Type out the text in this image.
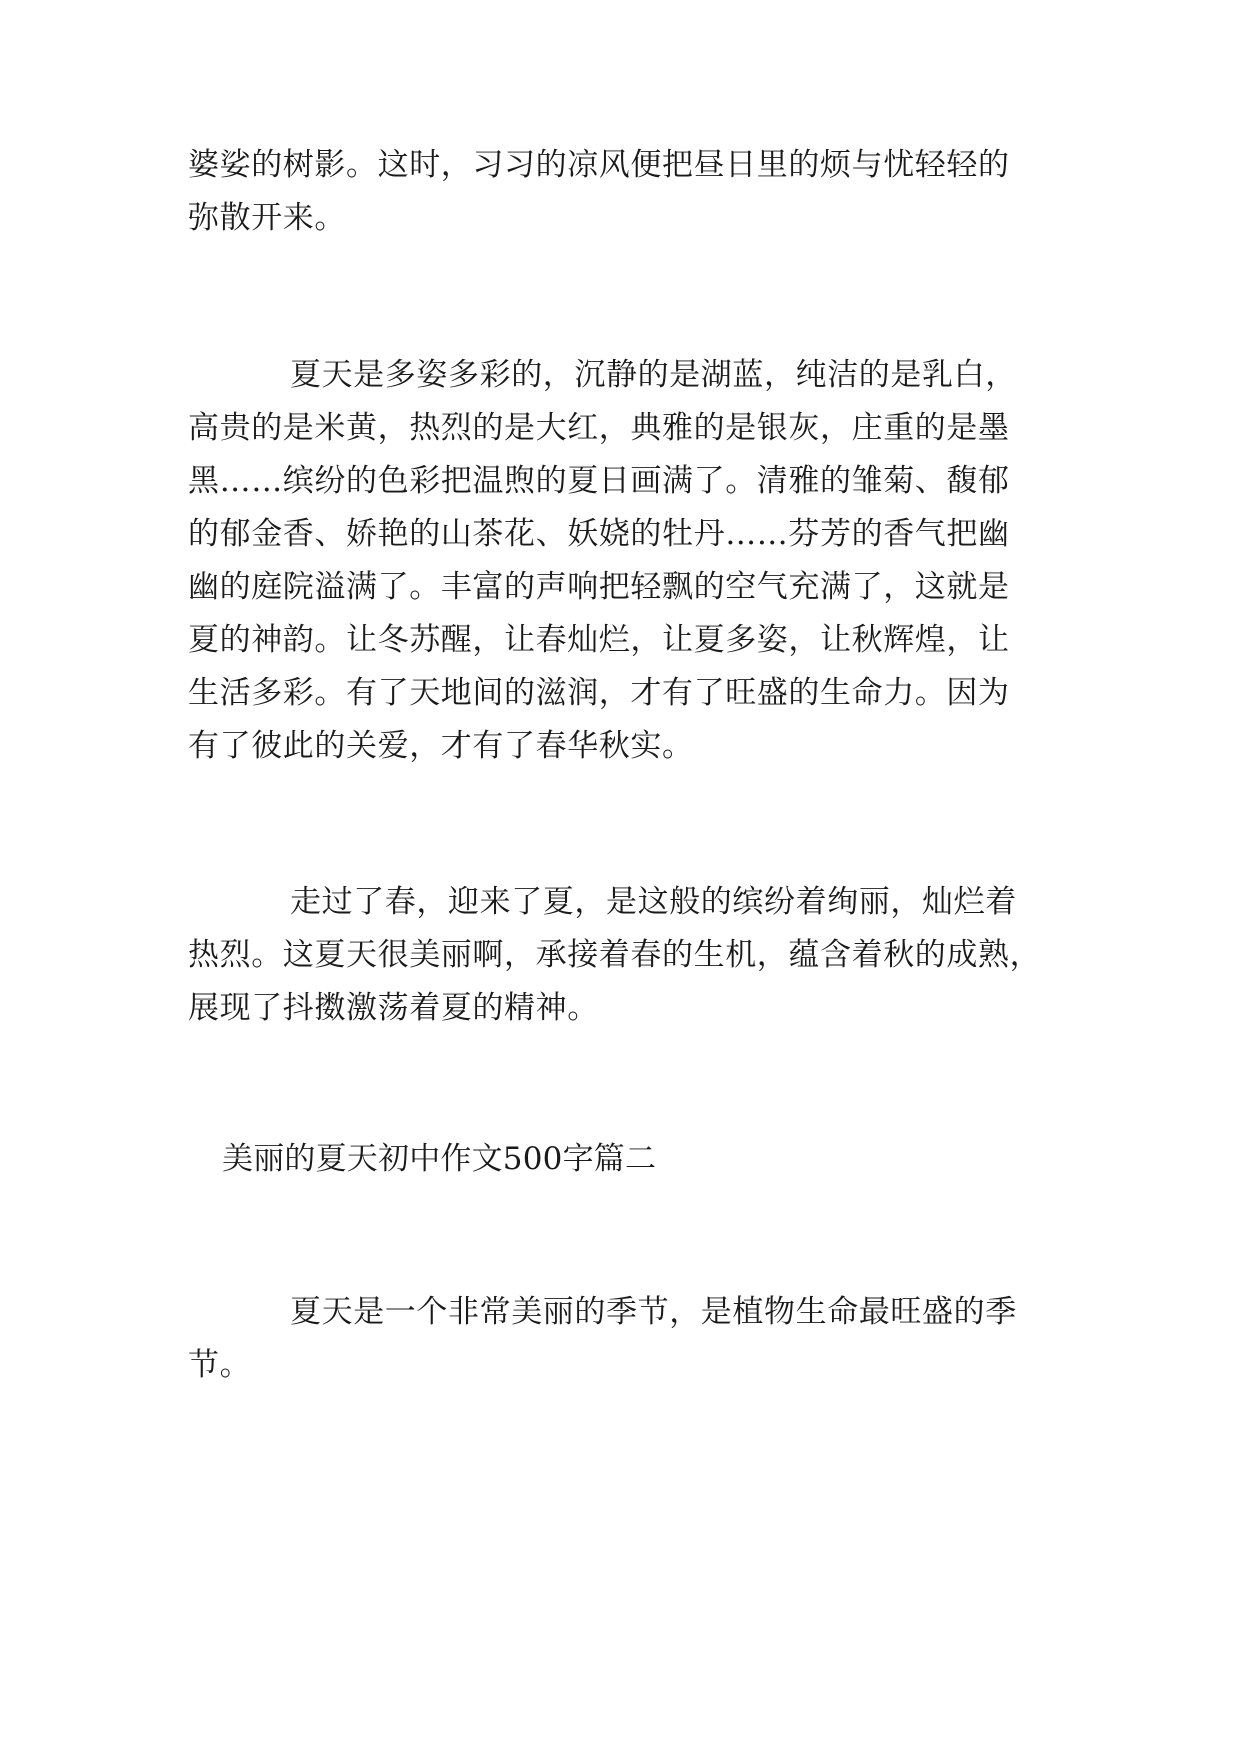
婆娑的树影。这时，习习的凉风便把昼日里的烦与忧轻轻的
弥散开来。
夏天是多姿多彩的，沉静的是湖蓝，纯洁的是乳白，
高贵的是米黄，热烈的是大红，典雅的是银灰，庄重的是墨
黑……缤纷的色彩把温煦的夏日画满了。清雅的雏菊、馥郁
的郁金香、娇艳的山茶花、妖娆的牡丹……芬芳的香气把幽
幽的庭院溢满了。丰富的声响把轻飘的空气充满了，这就是
夏的神韵。让冬苏醒，让春灿烂，让夏多姿，让秋辉煌，让
生活多彩。有了天地间的滋润，才有了旺盛的生命力。因为
有了彼此的关爱，才有了春华秋实。
走过了春，迎来了夏，是这般的缤纷着绚丽，灿烂着
热烈。这夏天很美丽啊，承接着春的生机，蕴含着秋的成熟，
展现了抖擞激荡着夏的精神。
美丽的夏天初中作文500字篇二
夏天是一个非常美丽的季节，是植物生命最旺盛的季
节。
